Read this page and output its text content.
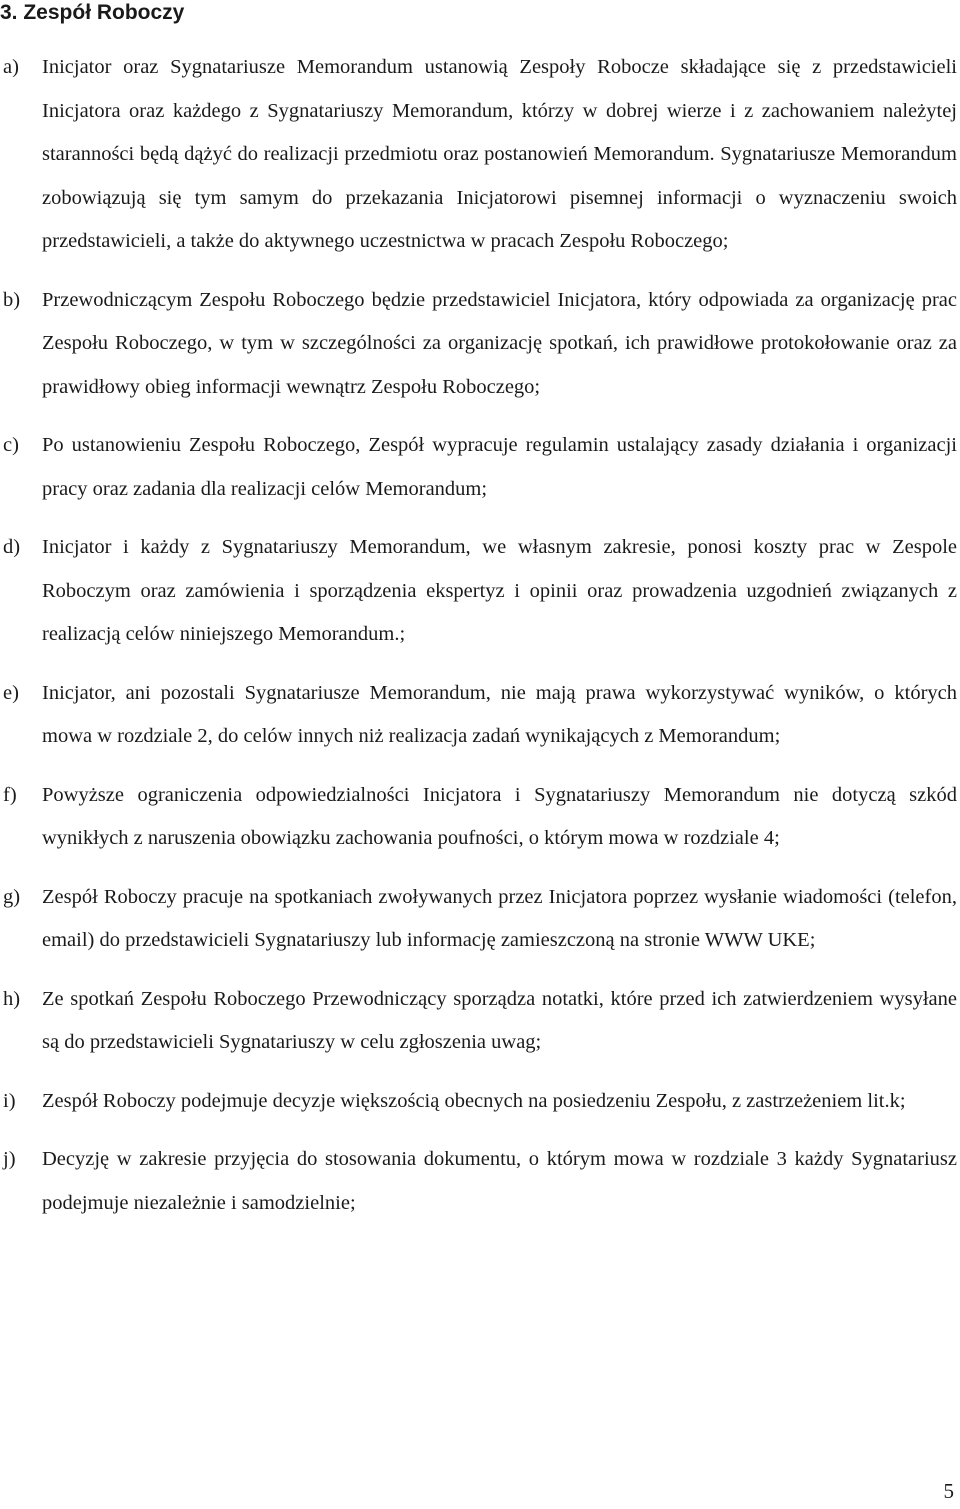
3. Zespół Roboczy
a) Inicjator oraz Sygnatariusze Memorandum ustanowią Zespoły Robocze składające się z przedstawicieli Inicjatora oraz każdego z Sygnatariuszy Memorandum, którzy w dobrej wierze i z zachowaniem należytej staranności będą dążyć do realizacji przedmiotu oraz postanowień Memorandum. Sygnatariusze Memorandum zobowiązują się tym samym do przekazania Inicjatorowi pisemnej informacji o wyznaczeniu swoich przedstawicieli, a także do aktywnego uczestnictwa w pracach Zespołu Roboczego;
b) Przewodniczącym Zespołu Roboczego będzie przedstawiciel Inicjatora, który odpowiada za organizację prac Zespołu Roboczego, w tym w szczególności za organizację spotkań, ich prawidłowe protokołowanie oraz za prawidłowy obieg informacji wewnątrz Zespołu Roboczego;
c) Po ustanowieniu Zespołu Roboczego, Zespół wypracuje regulamin ustalający zasady działania i organizacji pracy oraz zadania dla realizacji celów Memorandum;
d) Inicjator i każdy z Sygnatariuszy Memorandum, we własnym zakresie, ponosi koszty prac w Zespole Roboczym oraz zamówienia i sporządzenia ekspertyz i opinii oraz prowadzenia uzgodnień związanych z realizacją celów niniejszego Memorandum.;
e) Inicjator, ani pozostali Sygnatariusze Memorandum, nie mają prawa wykorzystywać wyników, o których mowa w rozdziale 2, do celów innych niż realizacja zadań wynikających z Memorandum;
f) Powyższe ograniczenia odpowiedzialności Inicjatora i Sygnatariuszy Memorandum nie dotyczą szkód wynikłych z naruszenia obowiązku zachowania poufności, o którym mowa w rozdziale 4;
g) Zespół Roboczy pracuje na spotkaniach zwoływanych przez Inicjatora poprzez wysłanie wiadomości (telefon, email) do przedstawicieli Sygnatariuszy lub informację zamieszczoną na stronie WWW UKE;
h) Ze spotkań Zespołu Roboczego Przewodniczący sporządza notatki, które przed ich zatwierdzeniem wysyłane są do przedstawicieli Sygnatariuszy w celu zgłoszenia uwag;
i) Zespół Roboczy podejmuje decyzje większością obecnych na posiedzeniu Zespołu, z zastrzeżeniem lit.k;
j) Decyzję w zakresie przyjęcia do stosowania dokumentu, o którym mowa w rozdziale 3 każdy Sygnatariusz podejmuje niezależnie i samodzielnie;
5
